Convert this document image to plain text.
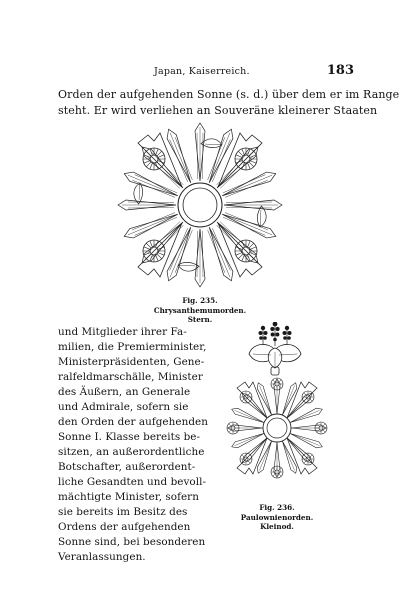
Japan, Kaiserreich.	183
Orden der aufgehenden Sonne (s. d.) über dem er im Range
steht. Er wird verliehen an Souveräne kleinerer Staaten
Fig. 235.
Chrysanthemumorden.
Stern.
und Mitglieder ihrer Fa-
milien, die Premierminister,
Ministerpräsidenten, Gene-
ralfeldmarschälle, Minister
des Äußern, an Generale
und Admirale, sofern sie
den Orden der aufgehenden
Sonne I. Klasse bereits be-
sitzen, an außerordentliche
Botschafter, außerordent-
liche Gesandten und bevoll-
mächtigte Minister, sofern
sie bereits im Besitz des
Ordens der aufgehenden
Sonne sind, bei besonderen
Veranlassungen.
Fig. 236.
Paulownienorden.
Kleinod.
